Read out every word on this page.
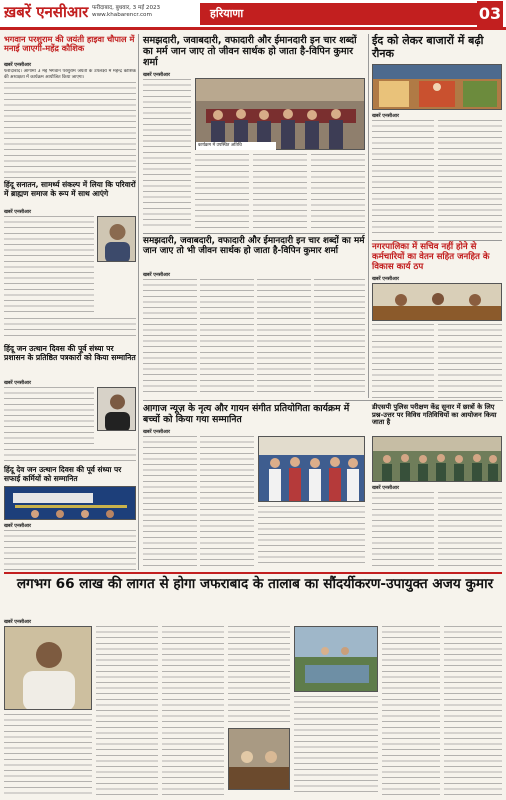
ख़बरें एनसीआर फरीदाबाद, बुधवार, 3 मई 2023
www.khabarencr.com	हरियाणा	03
भगवान परशुराम की जयंती हाइवा चौपाल में मनाई जाएगी-महेंद्र कौशिक
खबरें एनसीआर
फरीदाबाद। आगामी 3 मई भगवान परशुराम जयंती के उपलक्ष्य में महेन्द्र कौशिक की अध्यक्षता में कार्यक्रम आयोजित किया जाएगा।
हिंदू सनातन, सामर्थ्य संकल्प में लिया कि परिवारों में ब्राह्मण समाज के रूप में साथ आएंगे
खबरें एनसीआर
हिंदू जन उत्थान दिवस की पूर्व संध्या पर प्रशासन के प्रतिष्ठित पत्रकारों को किया सम्मानित
खबरें एनसीआर
हिंदू देव जन उत्थान दिवस की पूर्व संध्या पर सफाई कर्मियों को सम्मानित
खबरें एनसीआर
समझदारी, जवाबदारी, वफादारी और ईमानदारी इन चार शब्दों का मर्म जान जाए तो जीवन सार्थक हो जाता है-विपिन कुमार शर्मा
खबरें एनसीआर
कार्यक्रम में उपस्थित अतिथि
समझदारी, जवाबदारी, वफादारी और ईमानदारी इन चार शब्दों का मर्म जान जाए तो भी जीवन सार्थक हो जाता है-विपिन कुमार शर्मा
खबरें एनसीआर
ईद को लेकर बाजारों में बढ़ी रौनक
खबरें एनसीआर
नगरपालिका में सचिव नहीं होने से कर्मचारियों का वेतन सहित जनहित के विकास कार्य ठप
खबरें एनसीआर
आगाज न्यूज़ के नृत्य और गायन संगीत प्रतियोगिता कार्यक्रम में बच्चों को किया गया सम्मानित
खबरें एनसीआर
डीएसपी पुलिस परीक्षण केंद्र सुनार में छात्रों के लिए प्रश्न-उत्तर पर विविध गतिविधियों का आयोजन किया जाता है
खबरें एनसीआर
लगभग 66 लाख की लागत से होगा जफराबाद के तालाब का सौंदर्यीकरण-उपायुक्त अजय कुमार
खबरें एनसीआर
